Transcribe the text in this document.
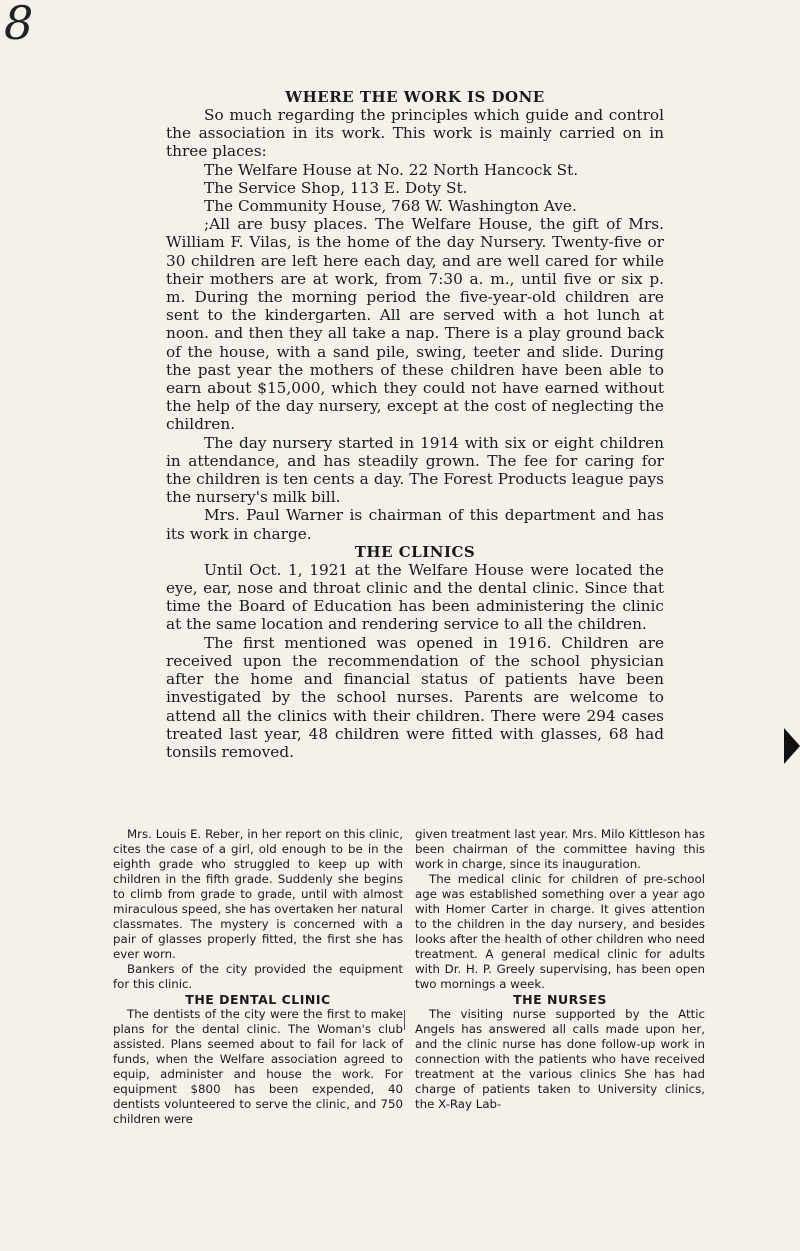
8
WHERE THE WORK IS DONE

So much regarding the principles which guide and control the association in its work. This work is mainly carried on in three places:

The Welfare House at No. 22 North Hancock St.

The Service Shop, 113 E. Doty St.

The Community House, 768 W. Washington Ave.

;All are busy places. The Welfare House, the gift of Mrs. William F. Vilas, is the home of the day Nursery. Twenty-five or 30 children are left here each day, and are well cared for while their mothers are at work, from 7:30 a. m., until five or six p. m. During the morning period the five-year-old children are sent to the kindergarten. All are served with a hot lunch at noon. and then they all take a nap. There is a play ground back of the house, with a sand pile, swing, teeter and slide. During the past year the mothers of these children have been able to earn about $15,000, which they could not have earned without the help of the day nursery, except at the cost of neglecting the children.

The day nursery started in 1914 with six or eight children in attendance, and has steadily grown. The fee for caring for the children is ten cents a day. The Forest Products league pays the nursery's milk bill.

Mrs. Paul Warner is chairman of this department and has its work in charge.

THE CLINICS

Until Oct. 1, 1921 at the Welfare House were located the eye, ear, nose and throat clinic and the dental clinic. Since that time the Board of Education has been administering the clinic at the same location and rendering service to all the children.

The first mentioned was opened in 1916. Children are received upon the recommendation of the school physician after the home and financial status of patients have been investigated by the school nurses. Parents are welcome to attend all the clinics with their children. There were 294 cases treated last year, 48 children were fitted with glasses, 68 had tonsils removed.

Mrs. Louis E. Reber, in her report on this clinic, cites the case of a girl, old enough to be in the eighth grade who struggled to keep up with children in the fifth grade. Suddenly she begins to climb from grade to grade, until with almost miraculous speed, she has overtaken her natural classmates. The mystery is concerned with a pair of glasses properly fitted, the first she has ever worn.

Bankers of the city provided the equipment for this clinic.

THE DENTAL CLINIC

The dentists of the city were the first to make plans for the dental clinic. The Woman's club assisted. Plans seemed about to fail for lack of funds, when the Welfare association agreed to equip, administer and house the work. For equipment $800 has been expended, 40 dentists volunteered to serve the clinic, and 750 children were

given treatment last year. Mrs. Milo Kittleson has been chairman of the committee having this work in charge, since its inauguration.

The medical clinic for children of pre-school age was established something over a year ago with Homer Carter in charge. It gives attention to the children in the day nursery, and besides looks after the health of other children who need treatment. A general medical clinic for adults with Dr. H. P. Greely supervising, has been open two mornings a week.

THE NURSES

The visiting nurse supported by the Attic Angels has answered all calls made upon her, and the clinic nurse has done follow-up work in connection with the patients who have received treatment at the various clinics She has had charge of patients taken to University clinics, the X-Ray Lab-
